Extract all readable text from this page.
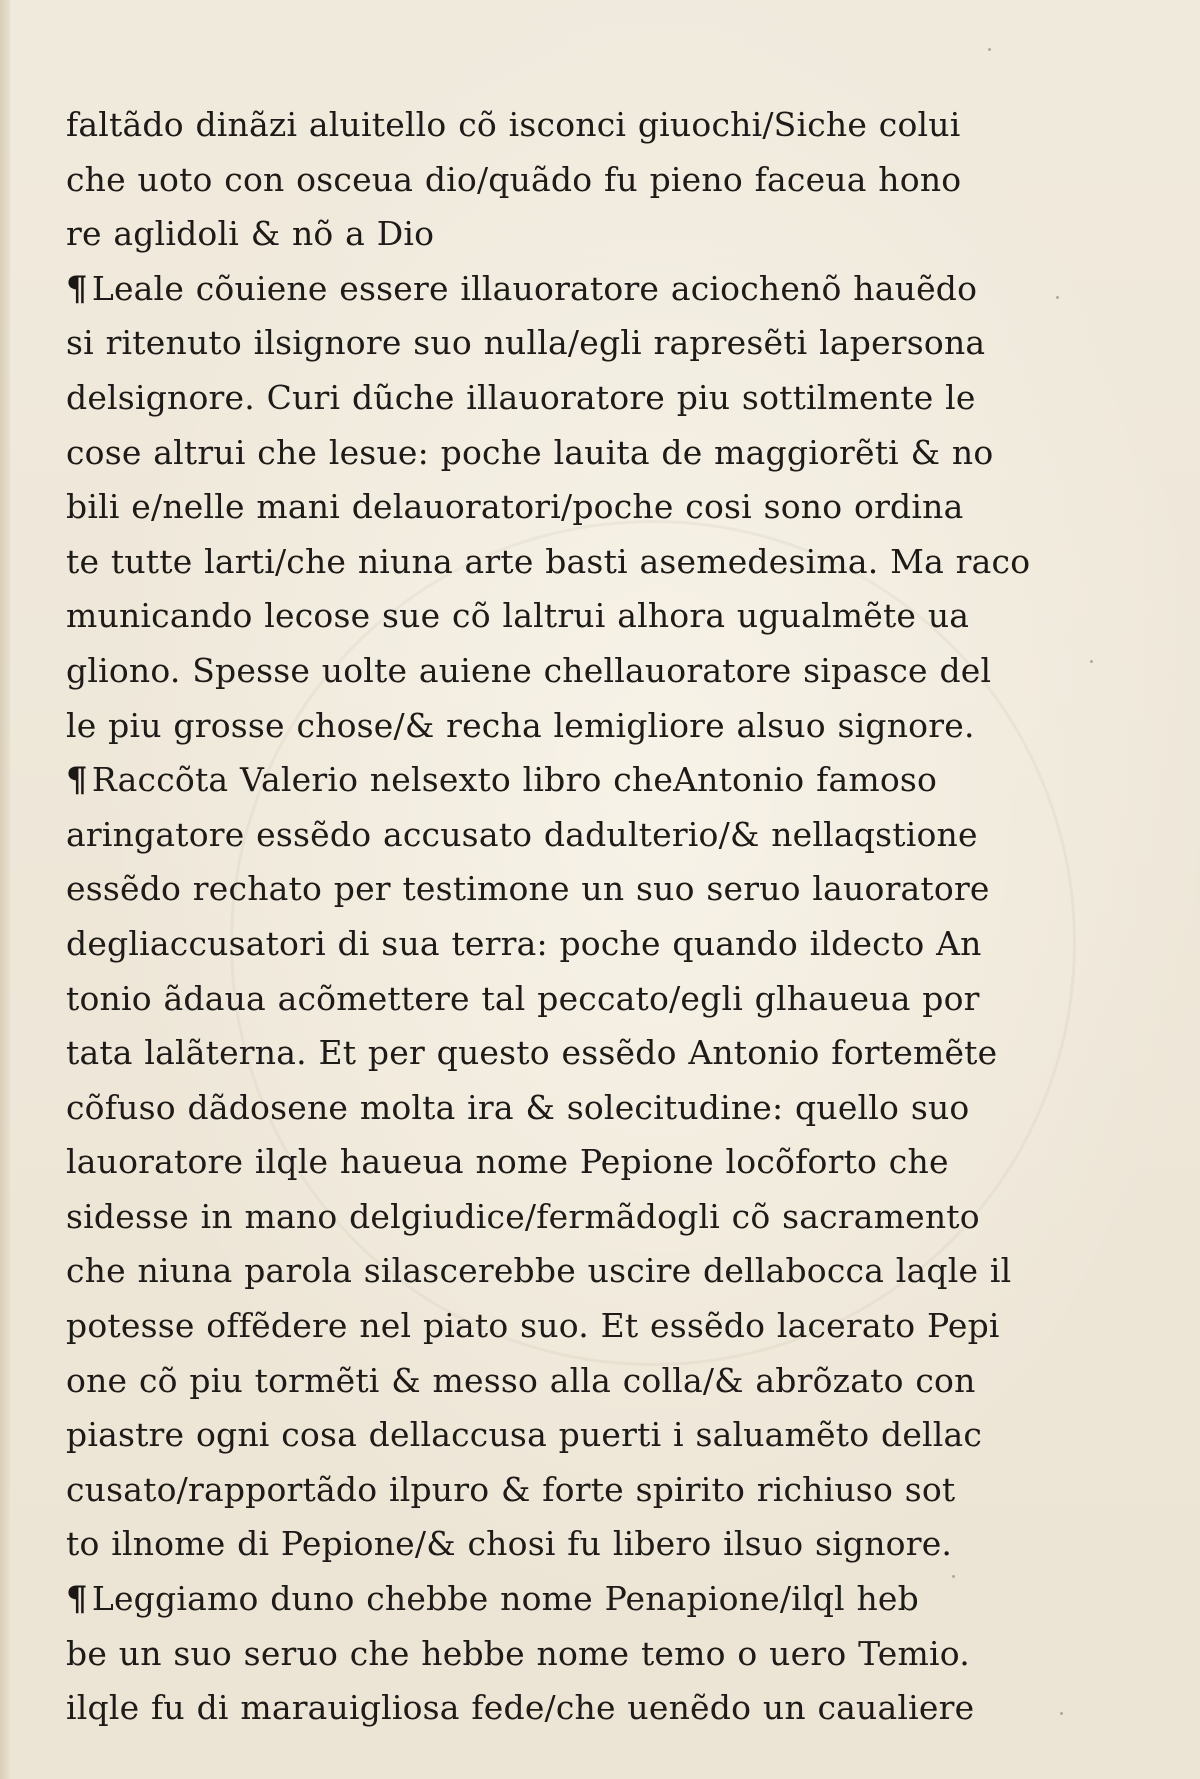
faltãdo dinãzi aluitello cõ isconci giuochi/Siche colui
che uoto con osceua dio/quãdo fu pieno faceua hono
re aglidoli & nõ a Dio
¶ Leale cõuiene essere illauoratore aciochenõ hauẽdo
si ritenuto ilsignore suo nulla/egli rapresẽti lapersona
delsignore. Curi dũche illauoratore piu sottilmente le
cose altrui che lesue: poche lauita de maggiorẽti & no
bili e/nelle mani delauoratori/poche cosi sono ordina
te tutte larti/che niuna arte basti asemedesima. Ma raco
municando lecose sue cõ laltrui alhora ugualmẽte ua
gliono. Spesse uolte auiene chellauoratore sipasce del
le piu grosse chose/& recha lemigliore alsuo signore.
¶ Raccõta Valerio nelsexto libro cheAntonio famoso
aringatore essẽdo accusato dadulterio/& nellaqstione
essẽdo rechato per testimone un suo seruo lauoratore
degliaccusatori di sua terra: poche quando ildecto An
tonio ãdaua acõmettere tal peccato/egli glhaueua por
tata lalãterna. Et per questo essẽdo Antonio fortemẽte
cõfuso dãdosene molta ira & solecitudine: quello suo
lauoratore ilqle haueua nome Pepione locõforto che
sidesse in mano delgiudice/fermãdogli cõ sacramento
che niuna parola silascerebbe uscire dellabocca laqle il
potesse offẽdere nel piato suo. Et essẽdo lacerato Pepi
one cõ piu tormẽti & messo alla colla/& abrõzato con
piastre ogni cosa dellaccusa puerti i saluamẽto dellac
cusato/rapportãdo ilpuro & forte spirito richiuso sot
to ilnome di Pepione/& chosi fu libero ilsuo signore.
¶ Leggiamo duno chebbe nome Penapione/ilql heb
be un suo seruo che hebbe nome temo o uero Temio.
ilqle fu di marauigliosa fede/che uenẽdo un caualiere
